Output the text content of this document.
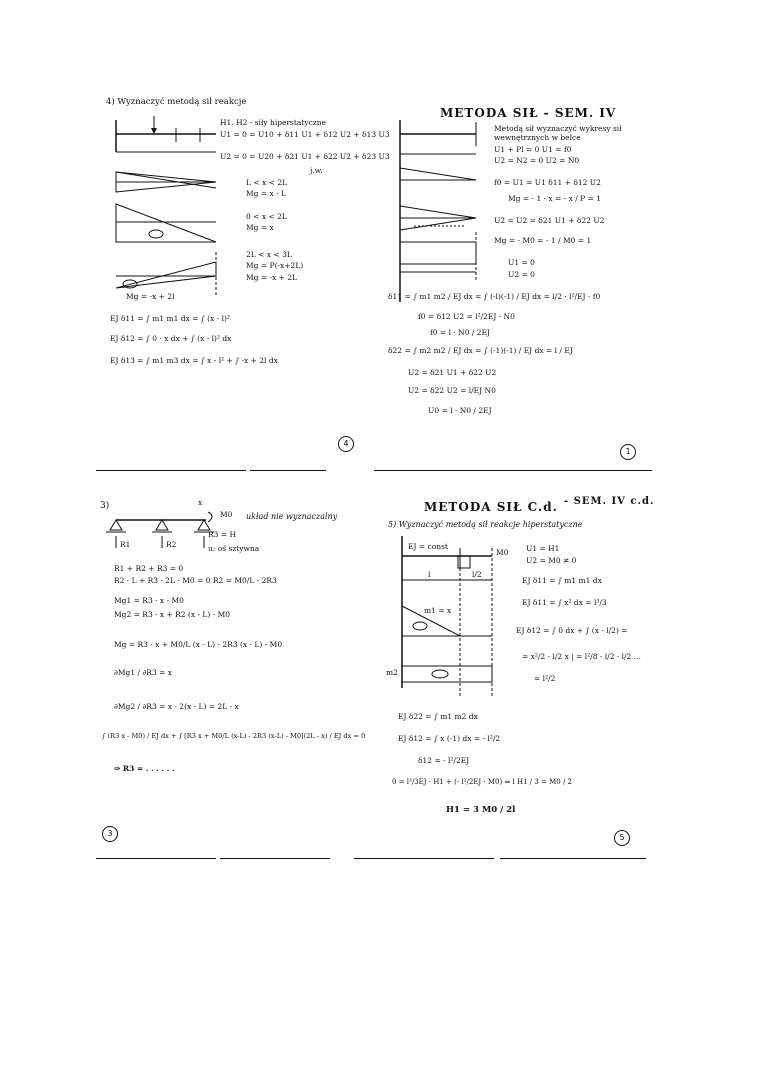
4) Wyznaczyć metodą sił reakcje
H1, H2 - siły hiperstatyczne
U1 = 0 = U10 + δ11 U1 + δ12 U2 + δ13 U3
U2 = 0 = U20 + δ21 U1 + δ22 U2 + δ23 U3
j.w.
L < x < 2L
Mg = x - L
0 < x < 2L
Mg = x
2L < x < 3L
Mg = P(-x+2L)
Mg = -x + 2L
Mg = -x + 2l
EJ δ11 = ∫ m1 m1 dx = ∫ (x - l)²
EJ δ12 = ∫ 0 · x dx + ∫ (x - l)² dx
EJ δ13 = ∫ m1 m3 dx = ∫ x - l² + ∫ -x + 2l dx
4
METODA SIŁ - SEM. IV
Metodą sił wyznaczyć wykresy sił
wewnętrznych w belce
U1 + Pl = 0 U1 = f0
U2 = N2 = 0 U2 = N0
f0 = U1 = U1 δ11 + δ12 U2
Mg = - 1 · x = - x / P = 1
U2 = U2 = δ21 U1 + δ22 U2
Mg = - M0 = - 1 / M0 = 1
U1 = 0
U2 = 0
δ11 = ∫ m1 m2 / EJ dx = ∫ (-l)(-1) / EJ dx = l/2 · l²/EJ · f0
f0 = δ12 U2 = l²/2EJ · N0
f0 = l · N0 / 2EJ
δ22 = ∫ m2 m2 / EJ dx = ∫ (-1)(-1) / EJ dx = l / EJ
U2 = δ21 U1 + δ22 U2
U2 = δ22 U2 = l/EJ N0
U0 = l · N0 / 2EJ
1
3)
układ nie wyznaczalny
R1	R2
R3 = H
M0
x
u: oś sztywna
R1 + R2 + R3 = 0
R2 · L + R3 · 2L - M0 = 0 R2 = M0/L - 2R3
Mg1 = R3 · x - M0
Mg2 = R3 · x + R2 (x - L) - M0
Mg = R3 · x + M0/L (x - L) - 2R3 (x - L) - M0
∂Mg1 / ∂R3 = x
∂Mg2 / ∂R3 = x - 2(x - L) = 2L - x
∫ (R3 x - M0) / EJ dx + ∫ [R3 x + M0/L (x-L) - 2R3 (x-L) - M0](2L - x) / EJ dx = 0
⇒ R3 = . . . . . .
3
METODA SIŁ C.d. - SEM. IV c.d.
5) Wyznaczyć metodą sił reakcje hiperstatyczne
EJ = const
M0
l	l/2
m1 = x
m2
U1 = H1
U2 = M0 ≠ 0
EJ δ11 = ∫ m1 m1 dx
EJ δ11 = ∫ x² dx = l³/3
EJ δ12 = ∫ 0 dx + ∫ (x - l/2) =
= x²/2 - l/2 x | = l²/8 - l/2 · l/2 ...
= l²/2
EJ δ22 = ∫ m1 m2 dx
EJ δ12 = ∫ x (-1) dx = - l²/2
δ12 = - l²/2EJ
0 = l³/3EJ · H1 + (- l²/2EJ · M0) ⇒ l H1 / 3 = M0 / 2
H1 = 3 M0 / 2l
5
